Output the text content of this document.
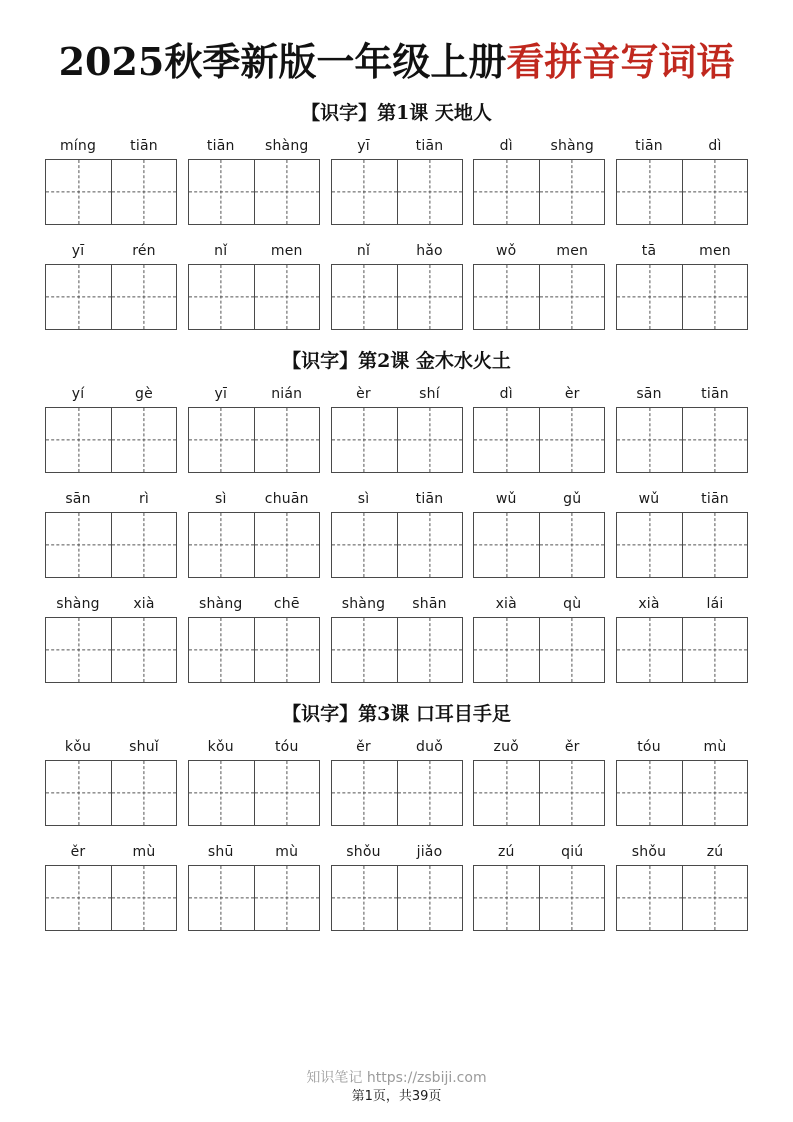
2025秋季新版一年级上册看拼音写词语
【识字】第1课 天地人
míng	tiān	tiān	shàng	yī	tiān	dì	shàng	tiān	dì
yī	rén	nǐ	men	nǐ	hǎo	wǒ	men	tā	men
【识字】第2课 金木水火土
yí	gè	yī	nián	èr	shí	dì	èr	sān	tiān
sān	rì	sì	chuān	sì	tiān	wǔ	gǔ	wǔ	tiān
shàng	xià	shàng	chē	shàng	shān	xià	qù	xià	lái
【识字】第3课 口耳目手足
kǒu	shuǐ	kǒu	tóu	ěr	duǒ	zuǒ	ěr	tóu	mù
ěr	mù	shū	mù	shǒu	jiǎo	zú	qiú	shǒu	zú
知识笔记 https://zsbiji.com
第1页，共39页
